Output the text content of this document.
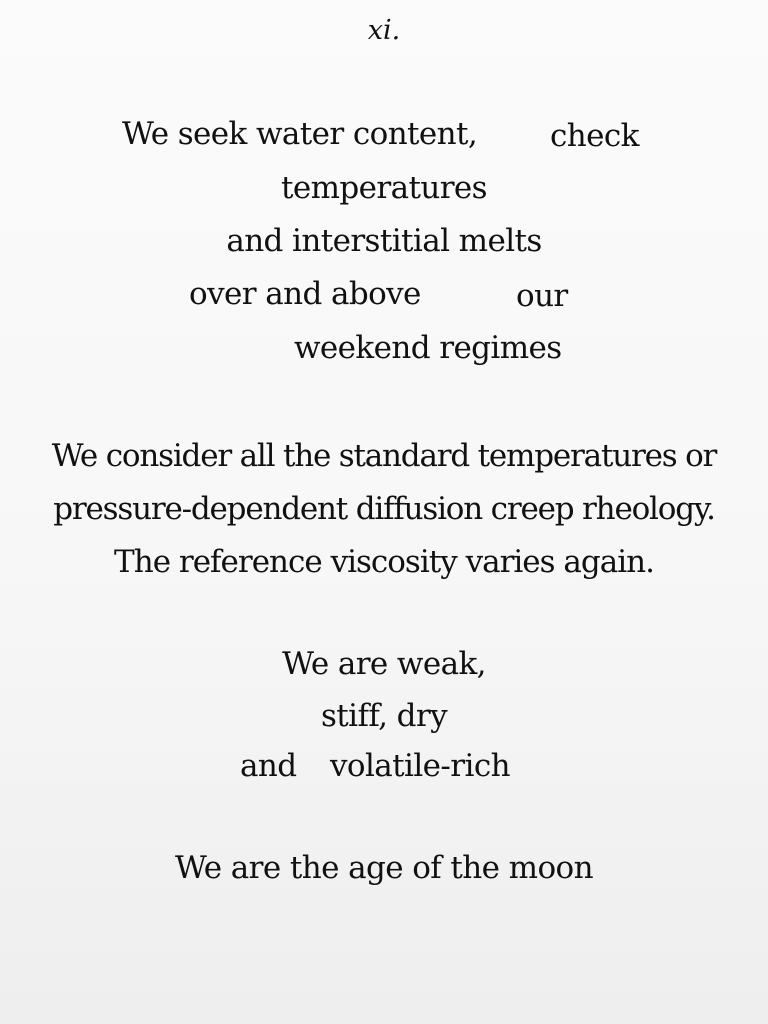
xi.
We seek water content, check
temperatures
and interstitial melts
over and above	our
weekend regimes
We consider all the standard temperatures or
pressure-dependent diffusion creep rheology.
The reference viscosity varies again.
We are weak,
stiff, dry
and volatile-rich
We are the age of the moon
